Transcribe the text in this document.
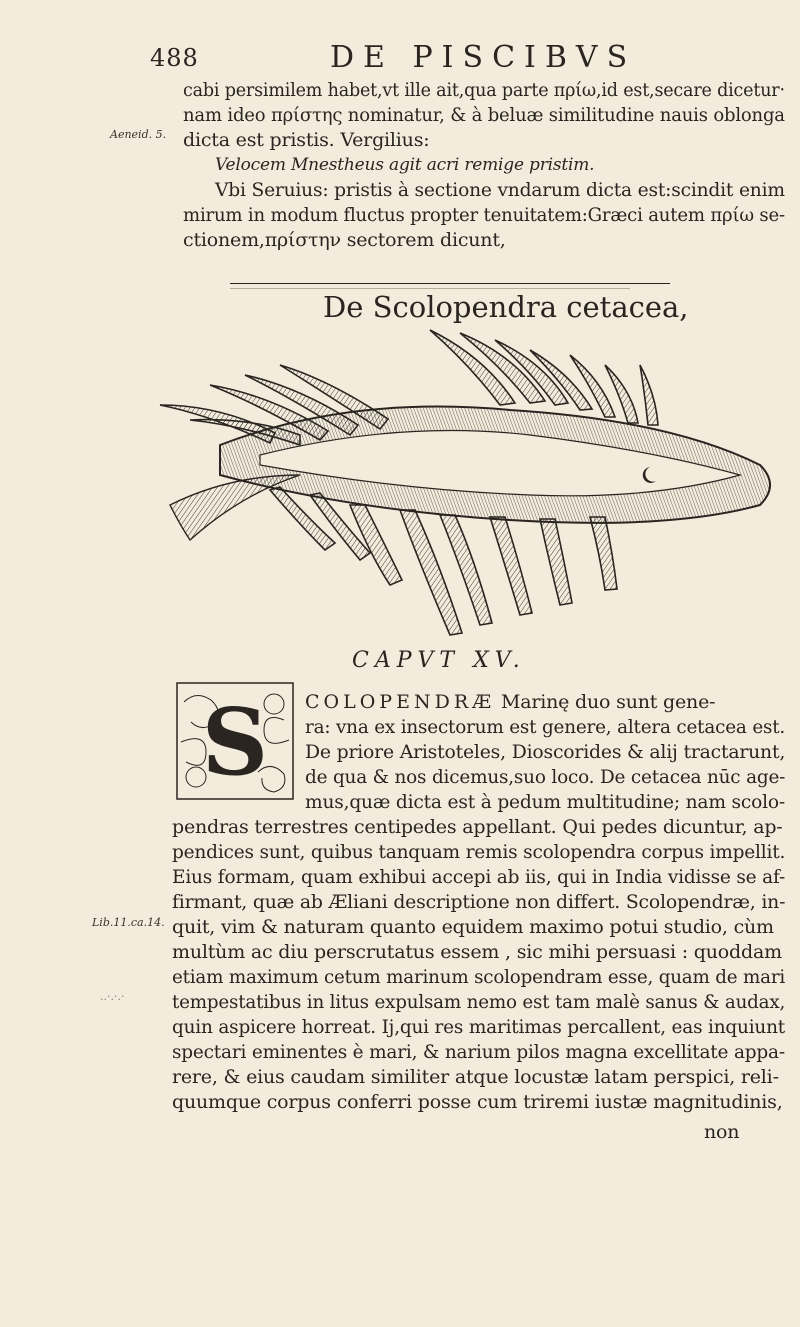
488	DE PISCIBVS
cabi persimilem habet,vt ille ait,qua parte πρίω,id est,secare dicetur·
nam ideo πρίστης nominatur, & à beluæ similitudine nauis oblonga
Aeneid. 5. dicta est pristis. Vergilius:
Velocem Mnestheus agit acri remige pristim.
Vbi Seruius: pristis à sectione vndarum dicta est:scindit enim
mirum in modum fluctus propter tenuitatem:Græci autem πρίω se-
ctionem,πρίστην sectorem dicunt,
De Scolopendra cetacea,
CAPVT XV.
S COLOPENDRÆ Marinę duo sunt gene-
ra: vna ex insectorum est genere, altera cetacea est.
De priore Aristoteles, Dioscorides & alij tractarunt,
de qua & nos dicemus,suo loco. De cetacea nūc age-
mus,quæ dicta est à pedum multitudine; nam scolo-
pendras terrestres centipedes appellant. Qui pedes dicuntur, ap-
pendices sunt, quibus tanquam remis scolopendra corpus impellit.
Eius formam, quam exhibui accepi ab iis, qui in India vidisse se af-
firmant, quæ ab Æliani descriptione non differt. Scolopendræ, in-
Lib.11.ca.14. quit, vim & naturam quanto equidem maximo potui studio, cùm
multùm ac diu perscrutatus essem , sic mihi persuasi : quoddam
..·.·.·
etiam maximum cetum marinum scolopendram esse, quam de mari
tempestatibus in litus expulsam nemo est tam malè sanus & audax,
quin aspicere horreat. Ij,qui res maritimas percallent, eas inquiunt
spectari eminentes è mari, & narium pilos magna excellitate appa-
rere, & eius caudam similiter atque locustæ latam perspici, reli-
quumque corpus conferri posse cum triremi iustæ magnitudinis,
non
